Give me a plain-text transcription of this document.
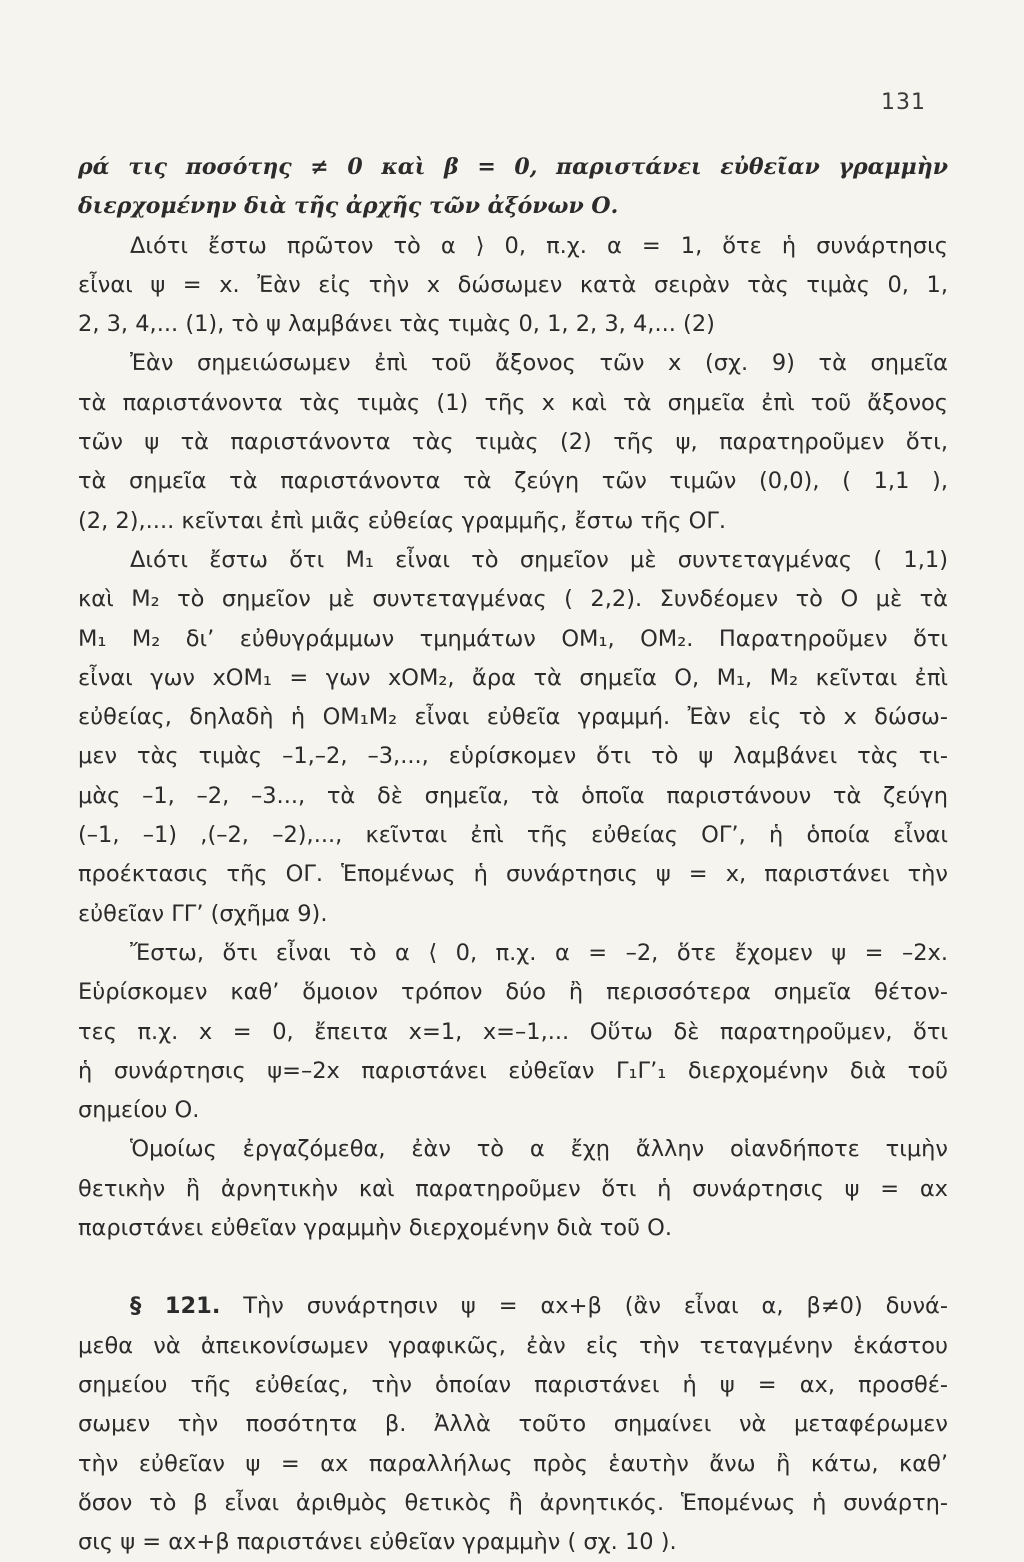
131
ρά τις ποσότης ≠ 0 καὶ β = 0, παριστάνει εὐθεῖαν γραμμὴν
διερχομένην διὰ τῆς ἀρχῆς τῶν ἀξόνων Ο.
Διότι ἔστω πρῶτον τὸ α ⟩ 0, π.χ. α = 1, ὅτε ἡ συνάρτησις
εἶναι ψ = x. Ἐὰν εἰς τὴν x δώσωμεν κατὰ σειρὰν τὰς τιμὰς 0, 1,
2, 3, 4,... (1), τὸ ψ λαμβάνει τὰς τιμὰς 0, 1, 2, 3, 4,... (2)
Ἐὰν σημειώσωμεν ἐπὶ τοῦ ἄξονος τῶν x (σχ. 9) τὰ σημεῖα
τὰ παριστάνοντα τὰς τιμὰς (1) τῆς x καὶ τὰ σημεῖα ἐπὶ τοῦ ἄξονος
τῶν ψ τὰ παριστάνοντα τὰς τιμὰς (2) τῆς ψ, παρατηροῦμεν ὅτι,
τὰ σημεῖα τὰ παριστάνοντα τὰ ζεύγη τῶν τιμῶν (0,0), ( 1,1 ),
(2, 2),.... κεῖνται ἐπὶ μιᾶς εὐθείας γραμμῆς, ἔστω τῆς ΟΓ.
Διότι ἔστω ὅτι Μ₁ εἶναι τὸ σημεῖον μὲ συντεταγμένας ( 1,1)
καὶ Μ₂ τὸ σημεῖον μὲ συντεταγμένας ( 2,2). Συνδέομεν τὸ Ο μὲ τὰ
Μ₁ Μ₂ δι’ εὐθυγράμμων τμημάτων ΟΜ₁, ΟΜ₂. Παρατηροῦμεν ὅτι
εἶναι γων xΟΜ₁ = γων xΟΜ₂, ἄρα τὰ σημεῖα Ο, Μ₁, Μ₂ κεῖνται ἐπὶ
εὐθείας, δηλαδὴ ἡ ΟΜ₁Μ₂ εἶναι εὐθεῖα γραμμή. Ἐὰν εἰς τὸ x δώσω-
μεν τὰς τιμὰς –1,–2, –3,..., εὑρίσκομεν ὅτι τὸ ψ λαμβάνει τὰς τι-
μὰς –1, –2, –3..., τὰ δὲ σημεῖα, τὰ ὁποῖα παριστάνουν τὰ ζεύγη
(–1, –1) ,(–2, –2),..., κεῖνται ἐπὶ τῆς εὐθείας ΟΓ’, ἡ ὁποία εἶναι
προέκτασις τῆς ΟΓ. Ἑπομένως ἡ συνάρτησις ψ = x, παριστάνει τὴν
εὐθεῖαν ΓΓ’ (σχῆμα 9).
Ἔστω, ὅτι εἶναι τὸ α ⟨ 0, π.χ. α = –2, ὅτε ἔχομεν ψ = –2x.
Εὑρίσκομεν καθ’ ὅμοιον τρόπον δύο ἢ περισσότερα σημεῖα θέτον-
τες π.χ. x = 0, ἔπειτα x=1, x=–1,... Οὕτω δὲ παρατηροῦμεν, ὅτι
ἡ συνάρτησις ψ=–2x παριστάνει εὐθεῖαν Γ₁Γ’₁ διερχομένην διὰ τοῦ
σημείου Ο.
Ὁμοίως ἐργαζόμεθα, ἐὰν τὸ α ἔχῃ ἄλλην οἱανδήποτε τιμὴν
θετικὴν ἢ ἀρνητικὴν καὶ παρατηροῦμεν ὅτι ἡ συνάρτησις ψ = αx
παριστάνει εὐθεῖαν γραμμὴν διερχομένην διὰ τοῦ Ο.
§ 121. Τὴν συνάρτησιν ψ = αx+β (ἂν εἶναι α, β≠0) δυνά-
μεθα νὰ ἀπεικονίσωμεν γραφικῶς, ἐὰν εἰς τὴν τεταγμένην ἑκάστου
σημείου τῆς εὐθείας, τὴν ὁποίαν παριστάνει ἡ ψ = αx, προσθέ-
σωμεν τὴν ποσότητα β. Ἀλλὰ τοῦτο σημαίνει νὰ μεταφέρωμεν
τὴν εὐθεῖαν ψ = αx παραλλήλως πρὸς ἑαυτὴν ἄνω ἢ κάτω, καθ’
ὅσον τὸ β εἶναι ἀριθμὸς θετικὸς ἢ ἀρνητικός. Ἑπομένως ἡ συνάρτη-
σις ψ = αx+β παριστάνει εὐθεῖαν γραμμὴν ( σχ. 10 ).
